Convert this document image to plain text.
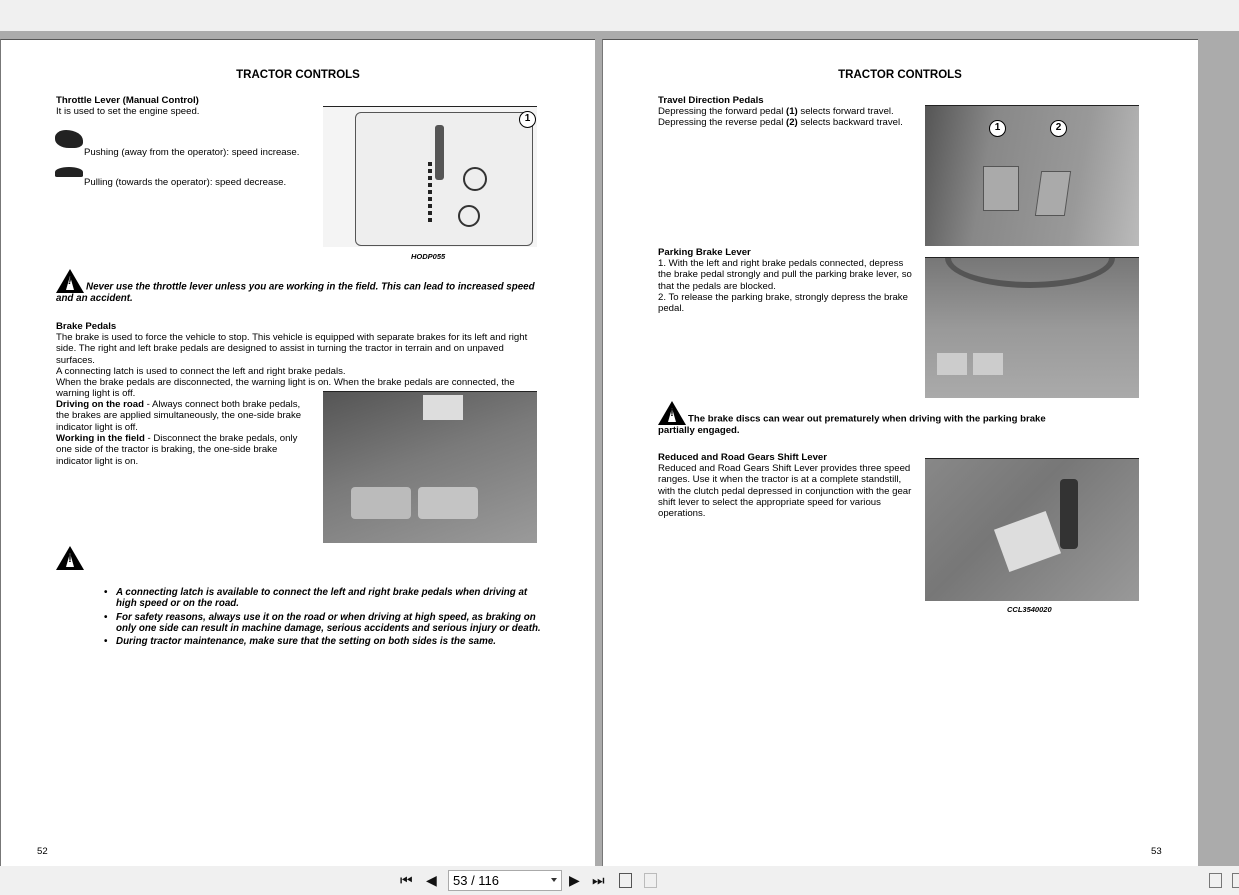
TRACTOR CONTROLS
Throttle Lever (Manual Control)
It is used to set the engine speed.
Pushing (away from the operator): speed increase.
Pulling (towards the operator): speed decrease.
1
HODP055
!Never use the throttle lever unless you are working in the field. This can lead to increased speed and an accident.
Brake Pedals
The brake is used to force the vehicle to stop. This vehicle is equipped with separate brakes for its left and right side. The right and left brake pedals are designed to assist in turning the tractor in terrain and on unpaved surfaces.
A connecting latch is used to connect the left and right brake pedals.
When the brake pedals are disconnected, the warning light is on. When the brake pedals are connected, the warning light is off.
Driving on the road - Always connect both brake pedals, the brakes are applied simultaneously, the one-side brake indicator light is off.
Working in the field - Disconnect the brake pedals, only one side of the tractor is braking, the one-side brake indicator light is on.
!
• A connecting latch is available to connect the left and right brake pedals when driving at high speed or on the road.
• For safety reasons, always use it on the road or when driving at high speed, as braking on only one side can result in machine damage, serious accidents and serious injury or death.
• During tractor maintenance, make sure that the setting on both sides is the same.
52
TRACTOR CONTROLS
Travel Direction Pedals
Depressing the forward pedal (1) selects forward travel.
Depressing the reverse pedal (2) selects backward travel.	1	2
Parking Brake Lever
1. With the left and right brake pedals connected, depress the brake pedal strongly and pull the parking brake lever, so that the pedals are blocked.
2. To release the parking brake, strongly depress the brake pedal.
!The brake discs can wear out prematurely when driving with the parking brake partially engaged.
Reduced and Road Gears Shift Lever
Reduced and Road Gears Shift Lever provides three speed ranges. Use it when the tractor is at a complete standstill, with the clutch pedal depressed in conjunction with the gear shift lever to select the appropriate speed for various operations.
CCL3540020
53
⏮ ◀	53 / 116	▶ ⏭
